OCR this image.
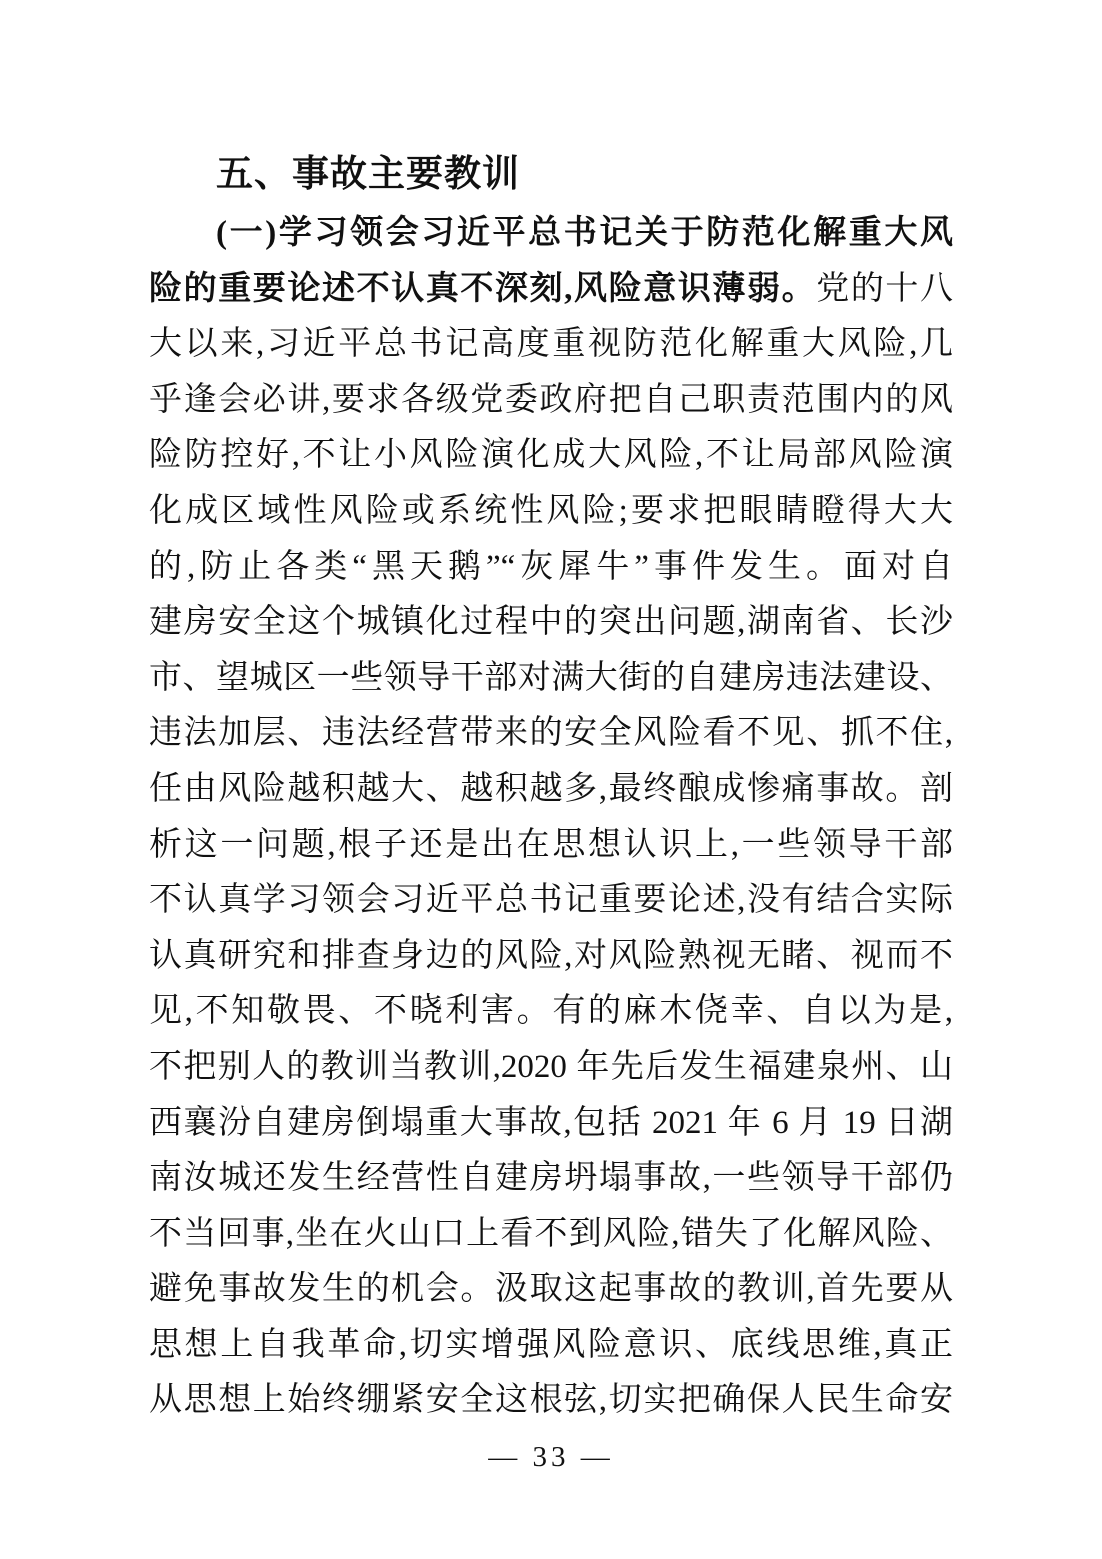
五、事故主要教训
(一)学习领会习近平总书记关于防范化解重大风
险的重要论述不认真不深刻,风险意识薄弱。党的十八
大以来,习近平总书记高度重视防范化解重大风险,几
乎逢会必讲,要求各级党委政府把自己职责范围内的风
险防控好,不让小风险演化成大风险,不让局部风险演
化成区域性风险或系统性风险;要求把眼睛瞪得大大
的,防止各类“黑天鹅”“灰犀牛”事件发生。面对自
建房安全这个城镇化过程中的突出问题,湖南省、长沙
市、望城区一些领导干部对满大街的自建房违法建设、
违法加层、违法经营带来的安全风险看不见、抓不住,
任由风险越积越大、越积越多,最终酿成惨痛事故。剖
析这一问题,根子还是出在思想认识上,一些领导干部
不认真学习领会习近平总书记重要论述,没有结合实际
认真研究和排查身边的风险,对风险熟视无睹、视而不
见,不知敬畏、不晓利害。有的麻木侥幸、自以为是,
不把别人的教训当教训,2020 年先后发生福建泉州、山
西襄汾自建房倒塌重大事故,包括 2021 年 6 月 19 日湖
南汝城还发生经营性自建房坍塌事故,一些领导干部仍
不当回事,坐在火山口上看不到风险,错失了化解风险、
避免事故发生的机会。汲取这起事故的教训,首先要从
思想上自我革命,切实增强风险意识、底线思维,真正
从思想上始终绷紧安全这根弦,切实把确保人民生命安
— 33 —
